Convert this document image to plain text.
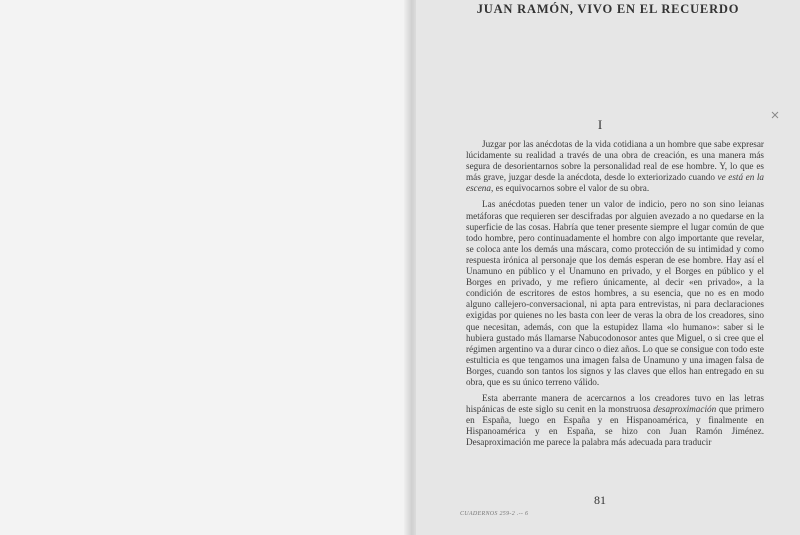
JUAN RAMÓN, VIVO EN EL RECUERDO
I

Juzgar por las anécdotas de la vida cotidiana a un hombre que sabe expresar lúcidamente su realidad a través de una obra de creación, es una manera más segura de desorientarnos sobre la personalidad real de ese hombre. Y, lo que es más grave, juzgar desde la anécdota, desde lo exteriorizado cuando ve está en la escena, es equivocarnos sobre el valor de su obra.

Las anécdotas pueden tener un valor de indicio, pero no son sino leianas metáforas que requieren ser descifradas por alguien avezado a no quedarse en la superficie de las cosas. Habría que tener presente siempre el lugar común de que todo hombre, pero continuadamente el hombre con algo importante que revelar, se coloca ante los demás una máscara, como protección de su intimidad y como respuesta irónica al personaje que los demás esperan de ese hombre. Hay así el Unamuno en público y el Unamuno en privado, y el Borges en público y el Borges en privado, y me refiero únicamente, al decir «en privado», a la condición de escritores de estos hombres, a su esencia, que no es en modo alguno callejero-conversacional, ni apta para entrevistas, ni para declaraciones exigidas por quienes no les basta con leer de veras la obra de los creadores, sino que necesitan, además, con que la estupidez llama «lo humano»: saber si le hubiera gustado más llamarse Nabucodonosor antes que Miguel, o si cree que el régimen argentino va a durar cinco o diez años. Lo que se consigue con todo este estulticia es que tengamos una imagen falsa de Unamuno y una imagen falsa de Borges, cuando son tantos los signos y las claves que ellos han entregado en su obra, que es su único terreno válido.

Esta aberrante manera de acercarnos a los creadores tuvo en las letras hispánicas de este siglo su cenit en la monstruosa desaproximación que primero en España, luego en España y en Hispanoamérica, y finalmente en Hispanoamérica y en España, se hizo con Juan Ramón Jiménez. Desaproximación me parece la palabra más adecuada para traducir

81
CUADERNOS 259-2 .-- 6
